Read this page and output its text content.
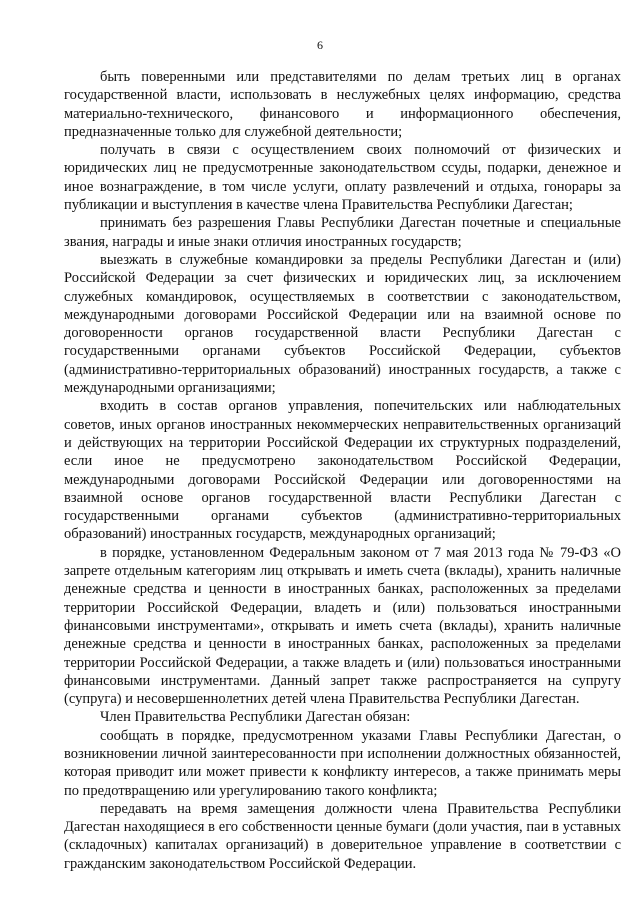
6

быть поверенными или представителями по делам третьих лиц в органах государственной власти, использовать в неслужебных целях информацию, средства материально-технического, финансового и информационного обеспечения, предназначенные только для служебной деятельности;

получать в связи с осуществлением своих полномочий от физических и юридических лиц не предусмотренные законодательством ссуды, подарки, денежное и иное вознаграждение, в том числе услуги, оплату развлечений и отдыха, гонорары за публикации и выступления в качестве члена Правительства Республики Дагестан;

принимать без разрешения Главы Республики Дагестан почетные и специальные звания, награды и иные знаки отличия иностранных государств;

выезжать в служебные командировки за пределы Республики Дагестан и (или) Российской Федерации за счет физических и юридических лиц, за исключением служебных командировок, осуществляемых в соответствии с законодательством, международными договорами Российской Федерации или на взаимной основе по договоренности органов государственной власти Республики Дагестан с государственными органами субъектов Российской Федерации, субъектов (административно-территориальных образований) иностранных государств, а также с международными организациями;

входить в состав органов управления, попечительских или наблюдательных советов, иных органов иностранных некоммерческих неправительственных организаций и действующих на территории Российской Федерации их структурных подразделений, если иное не предусмотрено законодательством Российской Федерации, международными договорами Российской Федерации или договоренностями на взаимной основе органов государственной власти Республики Дагестан с государственными органами субъектов (административно-территориальных образований) иностранных государств, международных организаций;

в порядке, установленном Федеральным законом от 7 мая 2013 года № 79-ФЗ «О запрете отдельным категориям лиц открывать и иметь счета (вклады), хранить наличные денежные средства и ценности в иностранных банках, расположенных за пределами территории Российской Федерации, владеть и (или) пользоваться иностранными финансовыми инструментами», открывать и иметь счета (вклады), хранить наличные денежные средства и ценности в иностранных банках, расположенных за пределами территории Российской Федерации, а также владеть и (или) пользоваться иностранными финансовыми инструментами. Данный запрет также распространяется на супругу (супруга) и несовершеннолетних детей члена Правительства Республики Дагестан.

Член Правительства Республики Дагестан обязан:

сообщать в порядке, предусмотренном указами Главы Республики Дагестан, о возникновении личной заинтересованности при исполнении должностных обязанностей, которая приводит или может привести к конфликту интересов, а также принимать меры по предотвращению или урегулированию такого конфликта;

передавать на время замещения должности члена Правительства Республики Дагестан находящиеся в его собственности ценные бумаги (доли участия, паи в уставных (складочных) капиталах организаций) в доверительное управление в соответствии с гражданским законодательством Российской Федерации.
